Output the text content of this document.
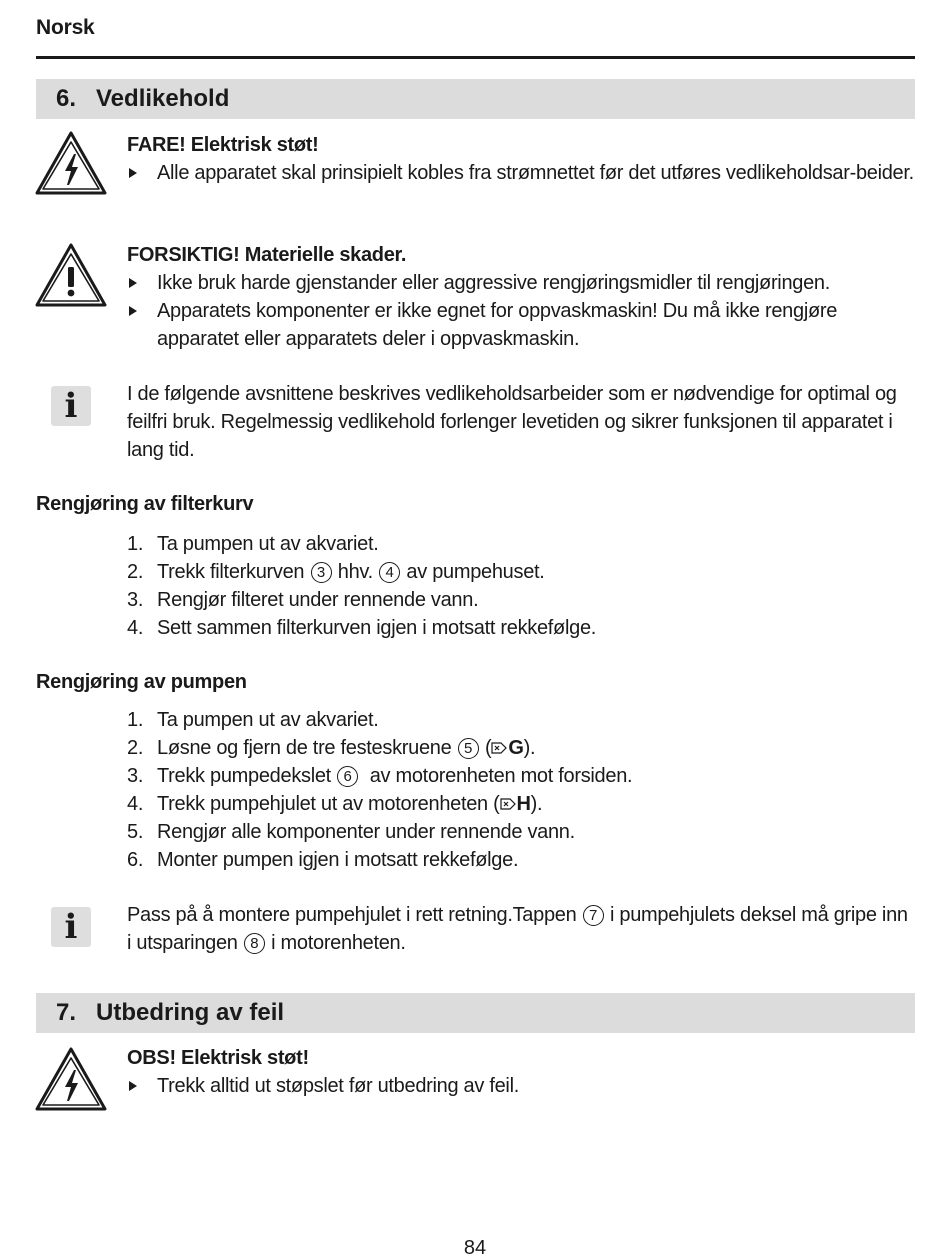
Norsk
6. Vedlikehold
FARE! Elektrisk støt!
Alle apparatet skal prinsipielt kobles fra strømnettet før det utføres vedlikeholdsar-beider.
FORSIKTIG! Materielle skader.
Ikke bruk harde gjenstander eller aggressive rengjøringsmidler til rengjøringen.
Apparatets komponenter er ikke egnet for oppvaskmaskin! Du må ikke rengjøre apparatet eller apparatets deler i oppvaskmaskin.
i	I de følgende avsnittene beskrives vedlikeholdsarbeider som er nødvendige for optimal og feilfri bruk. Regelmessig vedlikehold forlenger levetiden og sikrer funksjonen til apparatet i lang tid.
Rengjøring av filterkurv
1. Ta pumpen ut av akvariet.
2. Trekk filterkurven 3 hhv. 4 av pumpehuset.
3. Rengjør filteret under rennende vann.
4. Sett sammen filterkurven igjen i motsatt rekkefølge.
Rengjøring av pumpen
1. Ta pumpen ut av akvariet.
2. Løsne og fjern de tre festeskruene 5 ( G).
3. Trekk pumpedekslet 6 av motorenheten mot forsiden.
4. Trekk pumpehjulet ut av motorenheten ( H).
5. Rengjør alle komponenter under rennende vann.
6. Monter pumpen igjen i motsatt rekkefølge.
i	Pass på å montere pumpehjulet i rett retning.Tappen 7 i pumpehjulets deksel må gripe inn i utsparingen 8 i motorenheten.
7. Utbedring av feil
OBS! Elektrisk støt!
Trekk alltid ut støpslet før utbedring av feil.
84
